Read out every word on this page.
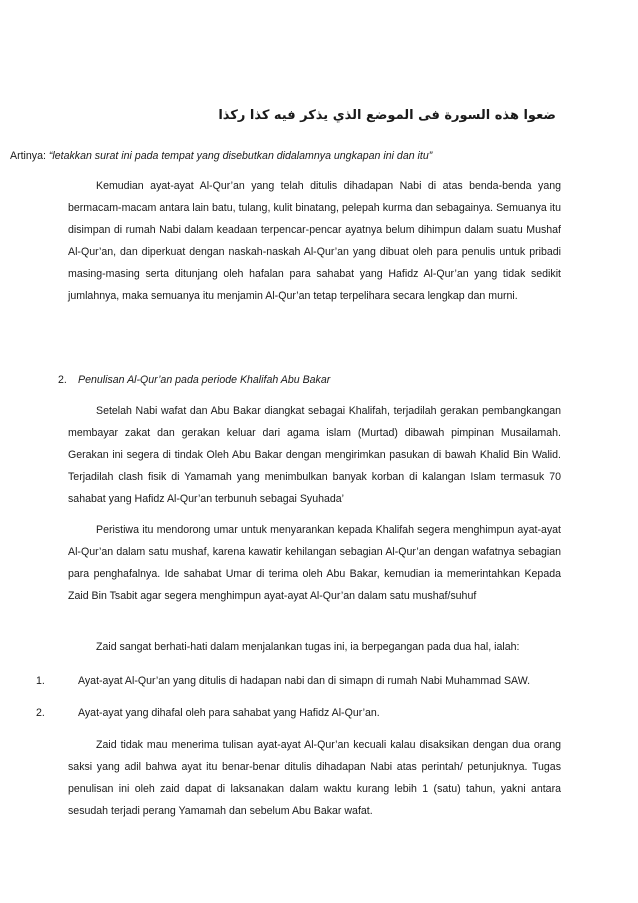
ضعوا هذه السورة فى الموضع الذي يذكر فيه كذا ركذا
Artinya: “letakkan surat ini pada tempat yang disebutkan didalamnya ungkapan ini dan itu”

Kemudian ayat-ayat Al-Qur’an yang telah ditulis dihadapan Nabi di atas benda-benda yang bermacam-macam antara lain batu, tulang, kulit binatang, pelepah kurma dan sebagainya. Semuanya itu disimpan di rumah Nabi dalam keadaan terpencar-pencar ayatnya belum dihimpun dalam suatu Mushaf Al-Qur’an, dan diperkuat dengan naskah-naskah Al-Qur’an yang dibuat oleh para penulis untuk pribadi masing-masing serta ditunjang oleh hafalan para sahabat yang Hafidz Al-Qur’an yang tidak sedikit jumlahnya, maka semuanya itu menjamin Al-Qur’an tetap terpelihara secara lengkap dan murni.

2. Penulisan Al-Qur’an pada periode Khalifah Abu Bakar

Setelah Nabi wafat dan Abu Bakar diangkat sebagai Khalifah, terjadilah gerakan pembangkangan membayar zakat dan gerakan keluar dari agama islam (Murtad) dibawah pimpinan Musailamah. Gerakan ini segera di tindak Oleh Abu Bakar dengan mengirimkan pasukan di bawah Khalid Bin Walid. Terjadilah clash fisik di Yamamah yang menimbulkan banyak korban di kalangan Islam termasuk 70 sahabat yang Hafidz Al-Qur’an terbunuh sebagai Syuhada’

Peristiwa itu mendorong umar untuk menyarankan kepada Khalifah segera menghimpun ayat-ayat Al-Qur’an dalam satu mushaf, karena kawatir kehilangan sebagian Al-Qur’an dengan wafatnya sebagian para penghafalnya. Ide sahabat Umar di terima oleh Abu Bakar, kemudian ia memerintahkan Kepada Zaid Bin Tsabit agar segera menghimpun ayat-ayat Al-Qur’an dalam satu mushaf/suhuf

Zaid sangat berhati-hati dalam menjalankan tugas ini, ia berpegangan pada dua hal, ialah:

1.	Ayat-ayat Al-Qur’an yang ditulis di hadapan nabi dan di simapn di rumah Nabi Muhammad SAW.
2.	Ayat-ayat yang dihafal oleh para sahabat yang Hafidz Al-Qur’an.

Zaid tidak mau menerima tulisan ayat-ayat Al-Qur’an kecuali kalau disaksikan dengan dua orang saksi yang adil bahwa ayat itu benar-benar ditulis dihadapan Nabi atas perintah/ petunjuknya. Tugas penulisan ini oleh zaid dapat di laksanakan dalam waktu kurang lebih 1 (satu) tahun, yakni antara sesudah terjadi perang Yamamah dan sebelum Abu Bakar wafat.
